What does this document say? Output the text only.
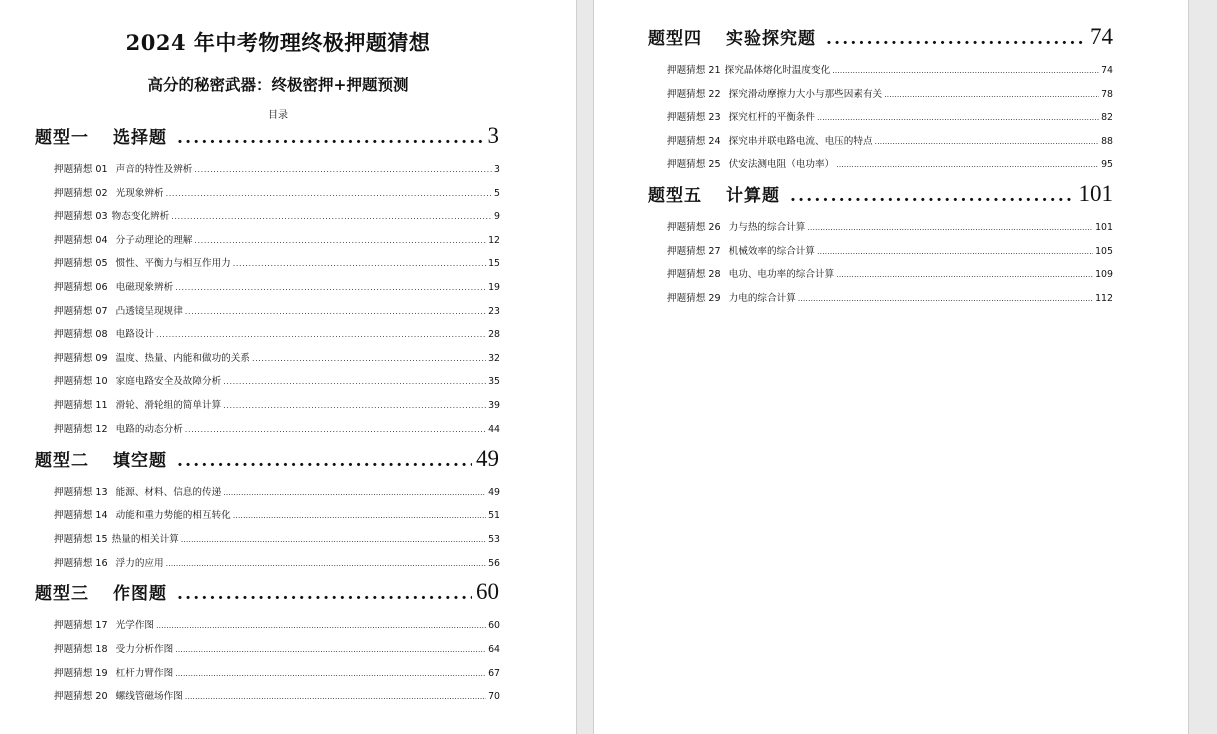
2024 年中考物理终极押题猜想
高分的秘密武器：终极密押+押题预测
目录
题型一 选择题 .....	3
押题猜想 01 声音的特性及辨析 .....	3
押题猜想 02 光现象辨析 .....	5
押题猜想 03 物态变化辨析 .....	9
押题猜想 04 分子动理论的理解 .....	12
押题猜想 05 惯性、平衡力与相互作用力 .....	15
押题猜想 06 电磁现象辨析 .....	19
押题猜想 07 凸透镜呈现规律 .....	23
押题猜想 08 电路设计 .....	28
押题猜想 09 温度、热量、内能和做功的关系 .....	32
押题猜想 10 家庭电路安全及故障分析 .....	35
押题猜想 11 滑轮、滑轮组的简单计算 .....	39
押题猜想 12 电路的动态分析 .....	44
题型二 填空题 .....	49
押题猜想 13 能源、材料、信息的传递 .....	49
押题猜想 14 动能和重力势能的相互转化 .....	51
押题猜想 15 热量的相关计算 .....	53
押题猜想 16 浮力的应用 .....	56
题型三 作图题 .....	60
押题猜想 17 光学作图 .....	60
押题猜想 18 受力分析作图 .....	64
押题猜想 19 杠杆力臂作图 .....	67
押题猜想 20 螺线管磁场作图 .....	70
题型四 实验探究题 .....	74
押题猜想 21 探究晶体熔化时温度变化 .....	74
押题猜想 22 探究滑动摩擦力大小与那些因素有关 .....	78
押题猜想 23 探究杠杆的平衡条件 .....	82
押题猜想 24 探究串并联电路电流、电压的特点 .....	88
押题猜想 25 伏安法测电阻（电功率） .....	95
题型五 计算题 .....	101
押题猜想 26 力与热的综合计算 .....	101
押题猜想 27 机械效率的综合计算 .....	105
押题猜想 28 电功、电功率的综合计算 .....	109
押题猜想 29 力电的综合计算 .....	112
